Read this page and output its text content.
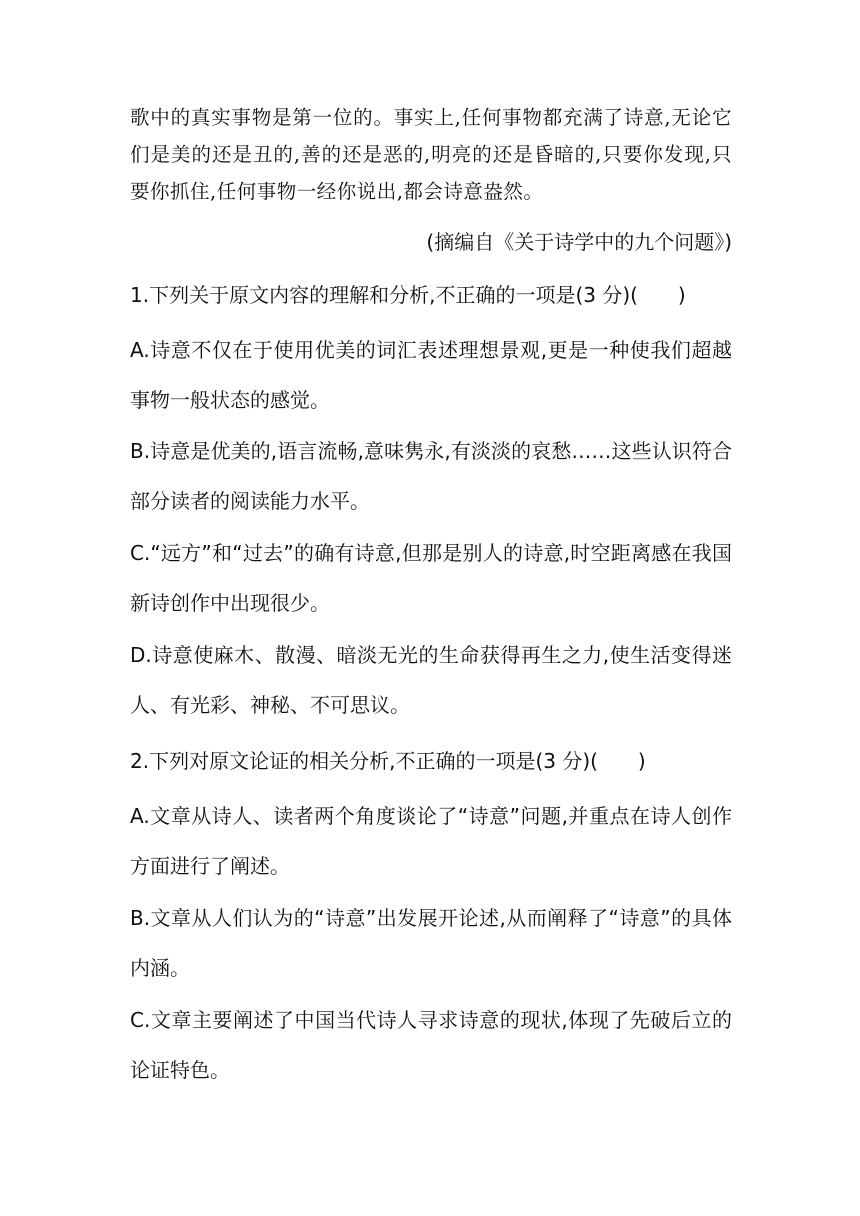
歌中的真实事物是第一位的。事实上,任何事物都充满了诗意,无论它们是美的还是丑的,善的还是恶的,明亮的还是昏暗的,只要你发现,只要你抓住,任何事物一经你说出,都会诗意盎然。

(摘编自《关于诗学中的九个问题》)

1.下列关于原文内容的理解和分析,不正确的一项是(3 分)(　　)

A.诗意不仅在于使用优美的词汇表述理想景观,更是一种使我们超越事物一般状态的感觉。

B.诗意是优美的,语言流畅,意味隽永,有淡淡的哀愁……这些认识符合部分读者的阅读能力水平。

C.“远方”和“过去”的确有诗意,但那是别人的诗意,时空距离感在我国新诗创作中出现很少。

D.诗意使麻木、散漫、暗淡无光的生命获得再生之力,使生活变得迷人、有光彩、神秘、不可思议。

2.下列对原文论证的相关分析,不正确的一项是(3 分)(　　)

A.文章从诗人、读者两个角度谈论了“诗意”问题,并重点在诗人创作方面进行了阐述。

B.文章从人们认为的“诗意”出发展开论述,从而阐释了“诗意”的具体内涵。

C.文章主要阐述了中国当代诗人寻求诗意的现状,体现了先破后立的论证特色。
